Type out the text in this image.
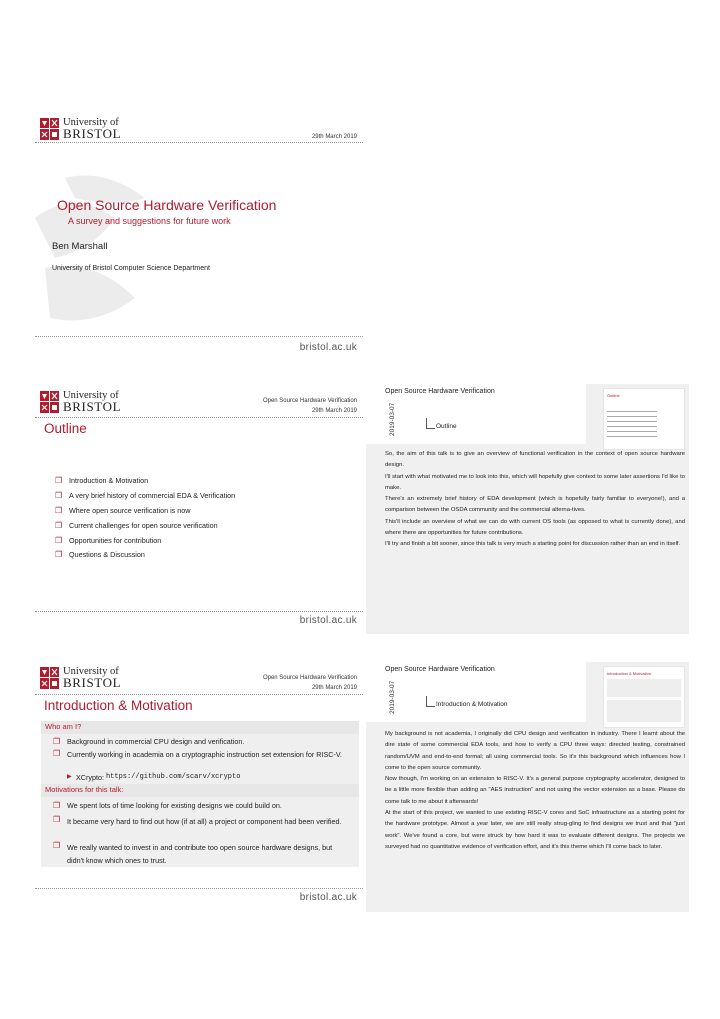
University of
BRISTOL	29th March 2019
Open Source Hardware Verification
A survey and suggestions for future work
Ben Marshall
University of Bristol Computer Science Department
bristol.ac.uk
University of
BRISTOL	Open Source Hardware Verification
29th March 2019
Outline
❐ Introduction & Motivation
❐ A very brief history of commercial EDA & Verification
❐ Where open source verification is now
❐ Current challenges for open source verification
❐ Opportunities for contribution
❐ Questions & Discussion
bristol.ac.uk
Open Source Hardware Verification
2019-03-07	Outline
Outline
So, the aim of this talk is to give an overview of functional verification in the context of open source hardware design.
I'll start with what motivated me to look into this, which will hopefully give context to some later assertions I'd like to make.
There's an extremely brief history of EDA development (which is hopefully fairly familiar to everyone!), and a comparison between the OSDA community and the commercial alterna-tives.
This'll include an overview of what we can do with current OS tools (as opposed to what is currently done), and where there are opportunities for future contributions.
I'll try and finish a bit sooner, since this talk is very much a starting point for discussion rather than an end in itself.
University of
BRISTOL	Open Source Hardware Verification
29th March 2019
Introduction & Motivation
Who am I?
❐ Background in commercial CPU design and verification.
❐ Currently working in academia on a cryptographic instruction set extension for RISC-V.
▶ XCrypto: https://github.com/scarv/xcrypto
Motivations for this talk:
❐ We spent lots of time looking for existing designs we could build on.
❐ It became very hard to find out how (if at all) a project or component had been verified.
❐ We really wanted to invest in and contribute too open source hardware designs, but didn't know which ones to trust.
bristol.ac.uk
Open Source Hardware Verification
2019-03-07	Introduction & Motivation
Introduction & Motivation
My background is not academia, I originally did CPU design and verification in industry. There I learnt about the dire state of some commercial EDA tools, and how to verify a CPU three ways: directed testing, constrained random/UVM and end-to-end formal; all using commercial tools. So it's this background which influences how I come to the open source community.
Now though, I'm working on an extension to RISC-V. It's a general purpose cryptography accelerator, designed to be a little more flexible than adding an "AES instruction" and not using the vector extension as a base. Please do come talk to me about it afterwards!
At the start of this project, we wanted to use existing RISC-V cores and SoC infrastructure as a starting point for the hardware prototype. Almost a year later, we are still really strug-gling to find designs we trust and that "just work". We've found a core, but were struck by how hard it was to evaluate different designs. The projects we surveyed had no quantitative evidence of verification effort, and it's this theme which I'll come back to later.
